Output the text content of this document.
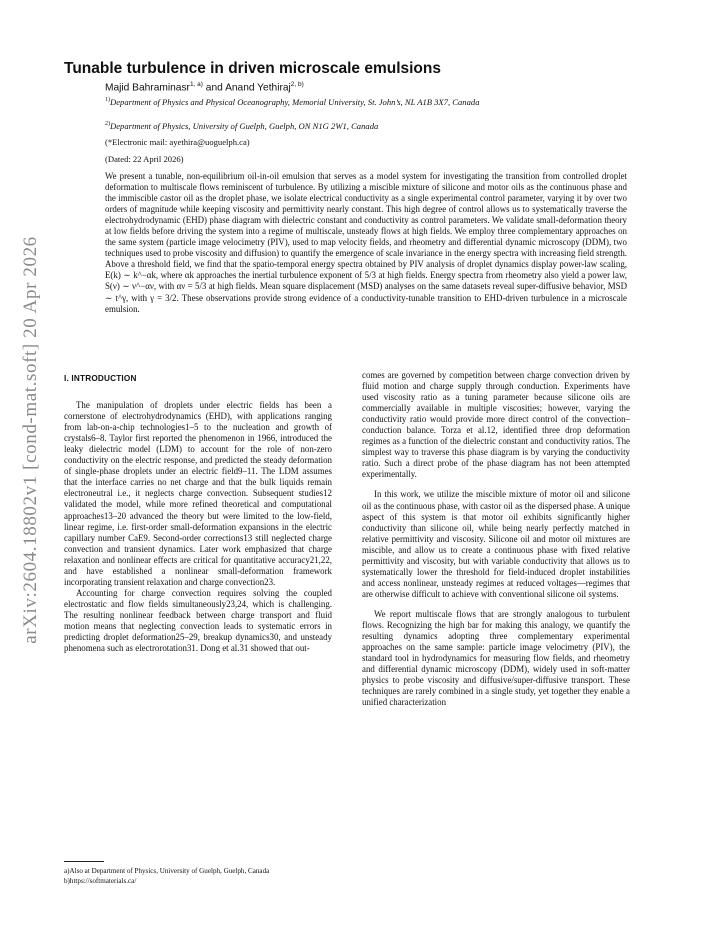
arXiv:2604.18802v1 [cond-mat.soft] 20 Apr 2026
Tunable turbulence in driven microscale emulsions
Majid Bahraminasr$^{1, a)}$ and Anand Yethiraj$^{2, b)}$
$^{1)}$Department of Physics and Physical Oceanography, Memorial University, St. John’s, NL A1B 3X7, Canada
$^{2)}$Department of Physics, University of Guelph, Guelph, ON N1G 2W1, Canada
(*Electronic mail: ayethira@uoguelph.ca)
(Dated: 22 April 2026)
We present a tunable, non-equilibrium oil-in-oil emulsion that serves as a model system for investigating the transition from controlled droplet deformation to multiscale flows reminiscent of turbulence. By utilizing a miscible mixture of silicone and motor oils as the continuous phase and the immiscible castor oil as the droplet phase, we isolate electrical conductivity as a single experimental control parameter, varying it by over two orders of magnitude while keeping viscosity and permittivity nearly constant. This high degree of control allows us to systematically traverse the electrohydrodynamic (EHD) phase diagram with dielectric constant and conductivity as control parameters. We validate small-deformation theory at low fields before driving the system into a regime of multiscale, unsteady flows at high fields. We employ three complementary approaches on the same system (particle image velocimetry (PIV), used to map velocity fields, and rheometry and differential dynamic microscopy (DDM), two techniques used to probe viscosity and diffusion) to quantify the emergence of scale invariance in the energy spectra with increasing field strength. Above a threshold field, we find that the spatio-temporal energy spectra obtained by PIV analysis of droplet dynamics display power-law scaling, E(k) ∼ k^−αk, where αk approaches the inertial turbulence exponent of 5/3 at high fields. Energy spectra from rheometry also yield a power law, S(ν) ∼ ν^−αν, with αν = 5/3 at high fields. Mean square displacement (MSD) analyses on the same datasets reveal super-diffusive behavior, MSD ∼ t^γ, with γ = 3/2. These observations provide strong evidence of a conductivity-tunable transition to EHD-driven turbulence in a microscale emulsion.
I. INTRODUCTION

The manipulation of droplets under electric fields has been a cornerstone of electrohydrodynamics (EHD), with applications ranging from lab-on-a-chip technologies1–5 to the nucleation and growth of crystals6–8. Taylor first reported the phenomenon in 1966, introduced the leaky dielectric model (LDM) to account for the role of non-zero conductivity on the electric response, and predicted the steady deformation of single-phase droplets under an electric field9–11. The LDM assumes that the interface carries no net charge and that the bulk liquids remain electroneutral i.e., it neglects charge convection. Subsequent studies12 validated the model, while more refined theoretical and computational approaches13–20 advanced the theory but were limited to the low-field, linear regime, i.e. first-order small-deformation expansions in the electric capillary number CaE9. Second-order corrections13 still neglected charge convection and transient dynamics. Later work emphasized that charge relaxation and nonlinear effects are critical for quantitative accuracy21,22, and have established a nonlinear small-deformation framework incorporating transient relaxation and charge convection23.

Accounting for charge convection requires solving the coupled electrostatic and flow fields simultaneously23,24, which is challenging. The resulting nonlinear feedback between charge transport and fluid motion means that neglecting convection leads to systematic errors in predicting droplet deformation25–29, breakup dynamics30, and unsteady phenomena such as electrorotation31. Dong et al.31 showed that out-

comes are governed by competition between charge convection driven by fluid motion and charge supply through conduction. Experiments have used viscosity ratio as a tuning parameter because silicone oils are commercially available in multiple viscosities; however, varying the conductivity ratio would provide more direct control of the convection–conduction balance. Torza et al.12, identified three drop deformation regimes as a function of the dielectric constant and conductivity ratios. The simplest way to traverse this phase diagram is by varying the conductivity ratio. Such a direct probe of the phase diagram has not been attempted experimentally.

In this work, we utilize the miscible mixture of motor oil and silicone oil as the continuous phase, with castor oil as the dispersed phase. A unique aspect of this system is that motor oil exhibits significantly higher conductivity than silicone oil, while being nearly perfectly matched in relative permittivity and viscosity. Silicone oil and motor oil mixtures are miscible, and allow us to create a continuous phase with fixed relative permittivity and viscosity, but with variable conductivity that allows us to systematically lower the threshold for field-induced droplet instabilities and access nonlinear, unsteady regimes at reduced voltages—regimes that are otherwise difficult to achieve with conventional silicone oil systems.

We report multiscale flows that are strongly analogous to turbulent flows. Recognizing the high bar for making this analogy, we quantify the resulting dynamics adopting three complementary experimental approaches on the same sample: particle image velocimetry (PIV), the standard tool in hydrodynamics for measuring flow fields, and rheometry and differential dynamic microscopy (DDM), widely used in soft-matter physics to probe viscosity and diffusive/super-diffusive transport. These techniques are rarely combined in a single study, yet together they enable a unified characterization

a)Also at Department of Physics, University of Guelph, Guelph, Canada

b)https://softmaterials.ca/
